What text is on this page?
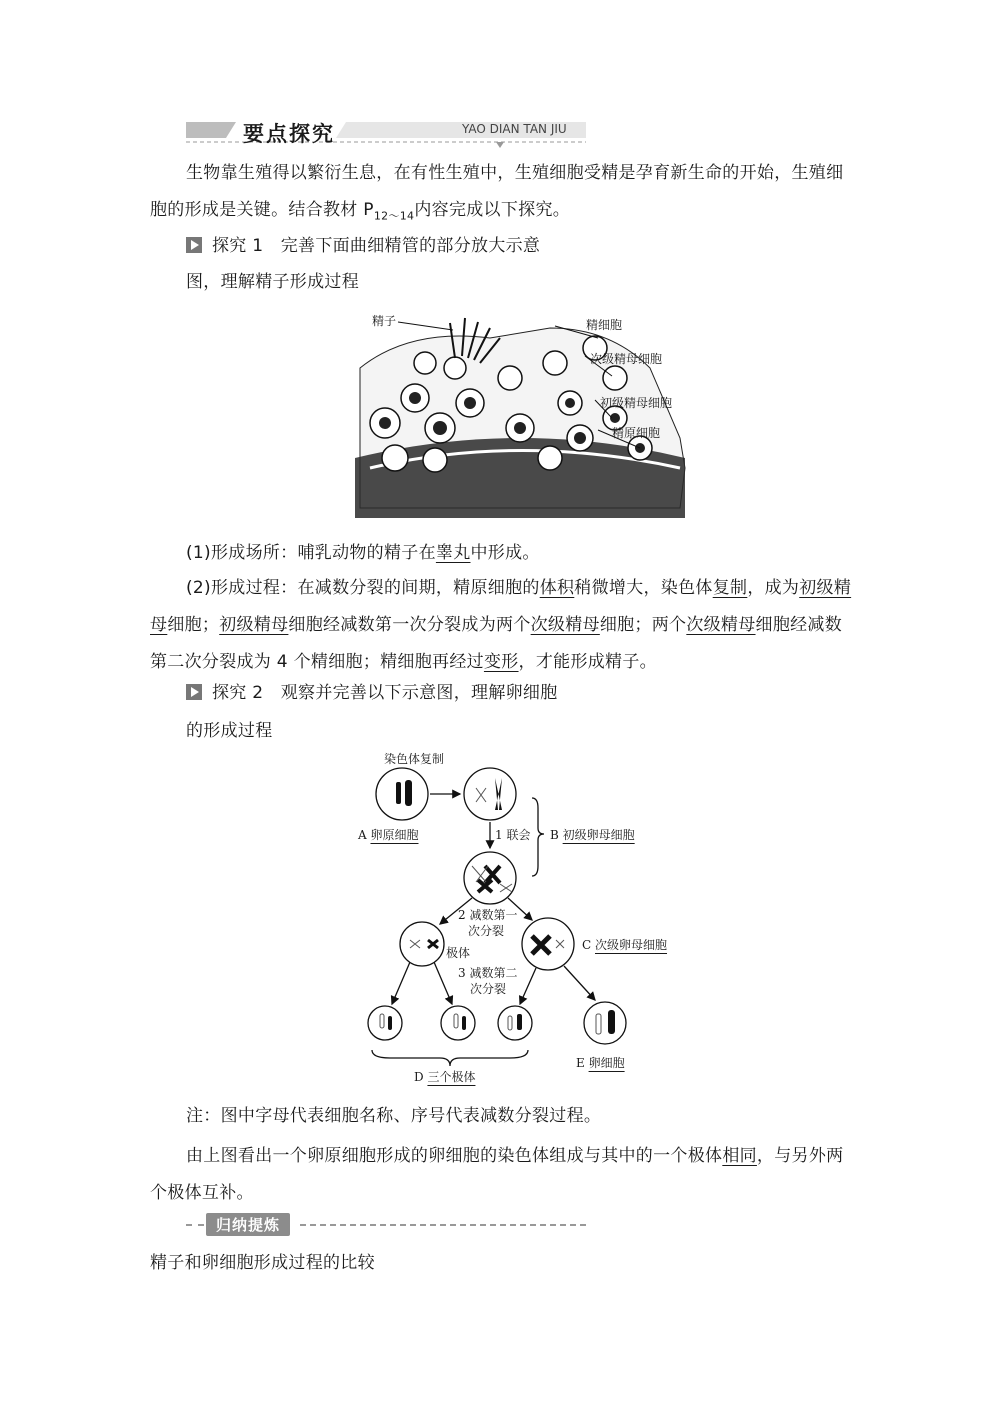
要点探究	YAO DIAN TAN JIU
生物靠生殖得以繁衍生息，在有性生殖中，生殖细胞受精是孕育新生命的开始，生殖细胞的形成是关键。结合教材 $P_{12\sim 14}$内容完成以下探究。
探究 1　完善下面曲细精管的部分放大示意
图，理解精子形成过程
精子	精细胞
次级精母细胞
初级精母细胞
精原细胞
(1)形成场所：哺乳动物的精子在睾丸中形成。
(2)形成过程：在减数分裂的间期，精原细胞的体积稍微增大，染色体复制，成为初级精母细胞；初级精母细胞经减数第一次分裂成为两个次级精母细胞；两个次级精母细胞经减数第二次分裂成为 4 个精细胞；精细胞再经过变形，才能形成精子。
探究 2　观察并完善以下示意图，理解卵细胞
的形成过程
染色体复制
A 卵原细胞	1 联会 B 初级卵母细胞
2 减数第一
次分裂
极体
C 次级卵母细胞
3 减数第二
次分裂
D 三个极体
E 卵细胞
注：图中字母代表细胞名称、序号代表减数分裂过程。
由上图看出一个卵原细胞形成的卵细胞的染色体组成与其中的一个极体相同，与另外两个极体互补。
归纳提炼
精子和卵细胞形成过程的比较
